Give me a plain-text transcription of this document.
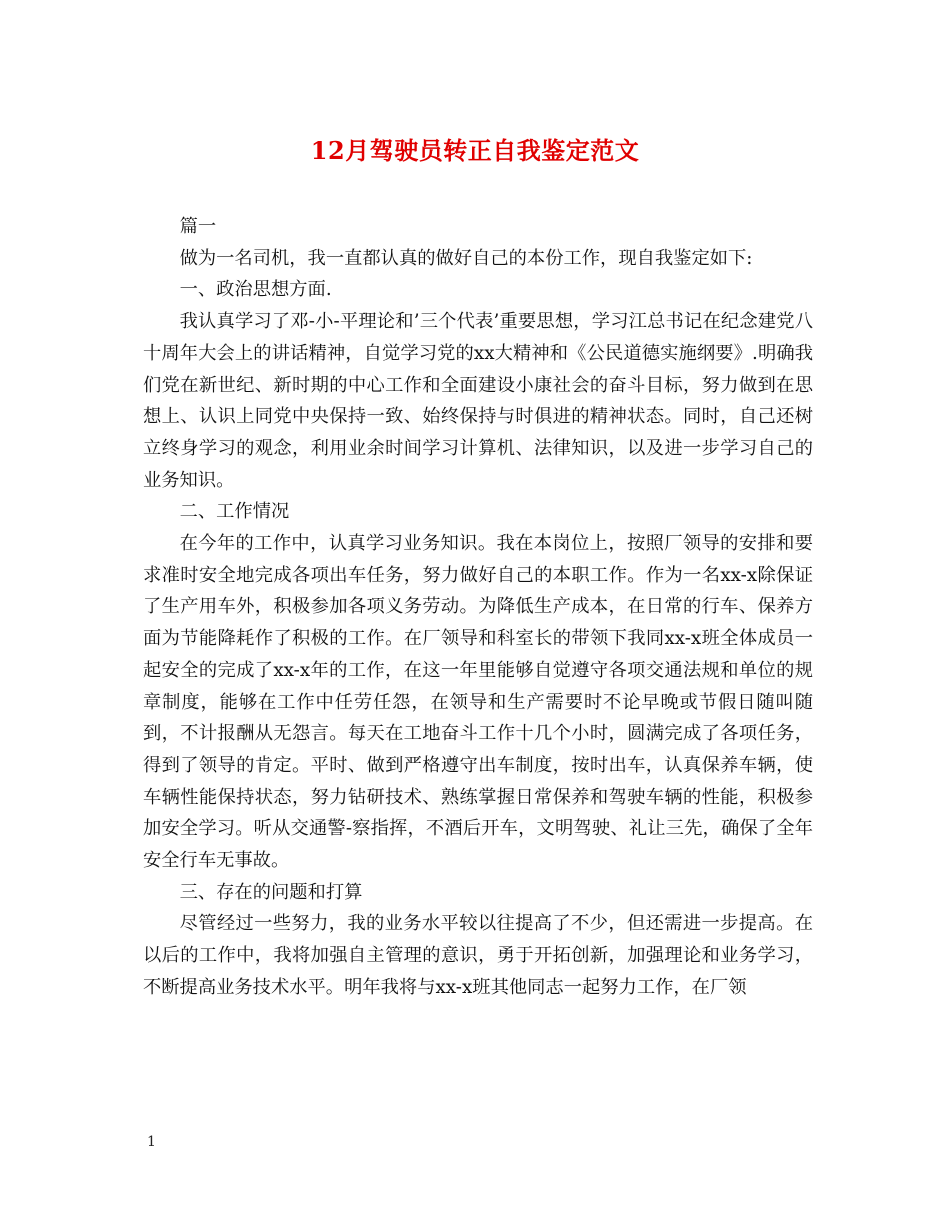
12月驾驶员转正自我鉴定范文

篇一

做为一名司机，我一直都认真的做好自己的本份工作，现自我鉴定如下:

一、政治思想方面.

我认真学习了邓-小-平理论和’三个代表’重要思想，学习江总书记在纪念建党八十周年大会上的讲话精神，自觉学习党的xx大精神和《公民道德实施纲要》.明确我们党在新世纪、新时期的中心工作和全面建设小康社会的奋斗目标，努力做到在思想上、认识上同党中央保持一致、始终保持与时俱进的精神状态。同时，自己还树立终身学习的观念，利用业余时间学习计算机、法律知识，以及进一步学习自己的业务知识。

二、工作情况

在今年的工作中，认真学习业务知识。我在本岗位上，按照厂领导的安排和要求准时安全地完成各项出车任务，努力做好自己的本职工作。作为一名xx-x除保证了生产用车外，积极参加各项义务劳动。为降低生产成本，在日常的行车、保养方面为节能降耗作了积极的工作。在厂领导和科室长的带领下我同xx-x班全体成员一起安全的完成了xx-x年的工作，在这一年里能够自觉遵守各项交通法规和单位的规章制度，能够在工作中任劳任怨，在领导和生产需要时不论早晚或节假日随叫随到，不计报酬从无怨言。每天在工地奋斗工作十几个小时，圆满完成了各项任务，得到了领导的肯定。平时、做到严格遵守出车制度，按时出车，认真保养车辆，使车辆性能保持状态，努力钻研技术、熟练掌握日常保养和驾驶车辆的性能，积极参加安全学习。听从交通警-察指挥，不酒后开车，文明驾驶、礼让三先，确保了全年安全行车无事故。

三、存在的问题和打算

尽管经过一些努力，我的业务水平较以往提高了不少，但还需进一步提高。在以后的工作中，我将加强自主管理的意识，勇于开拓创新，加强理论和业务学习，不断提高业务技术水平。明年我将与xx-x班其他同志一起努力工作，在厂领

1
